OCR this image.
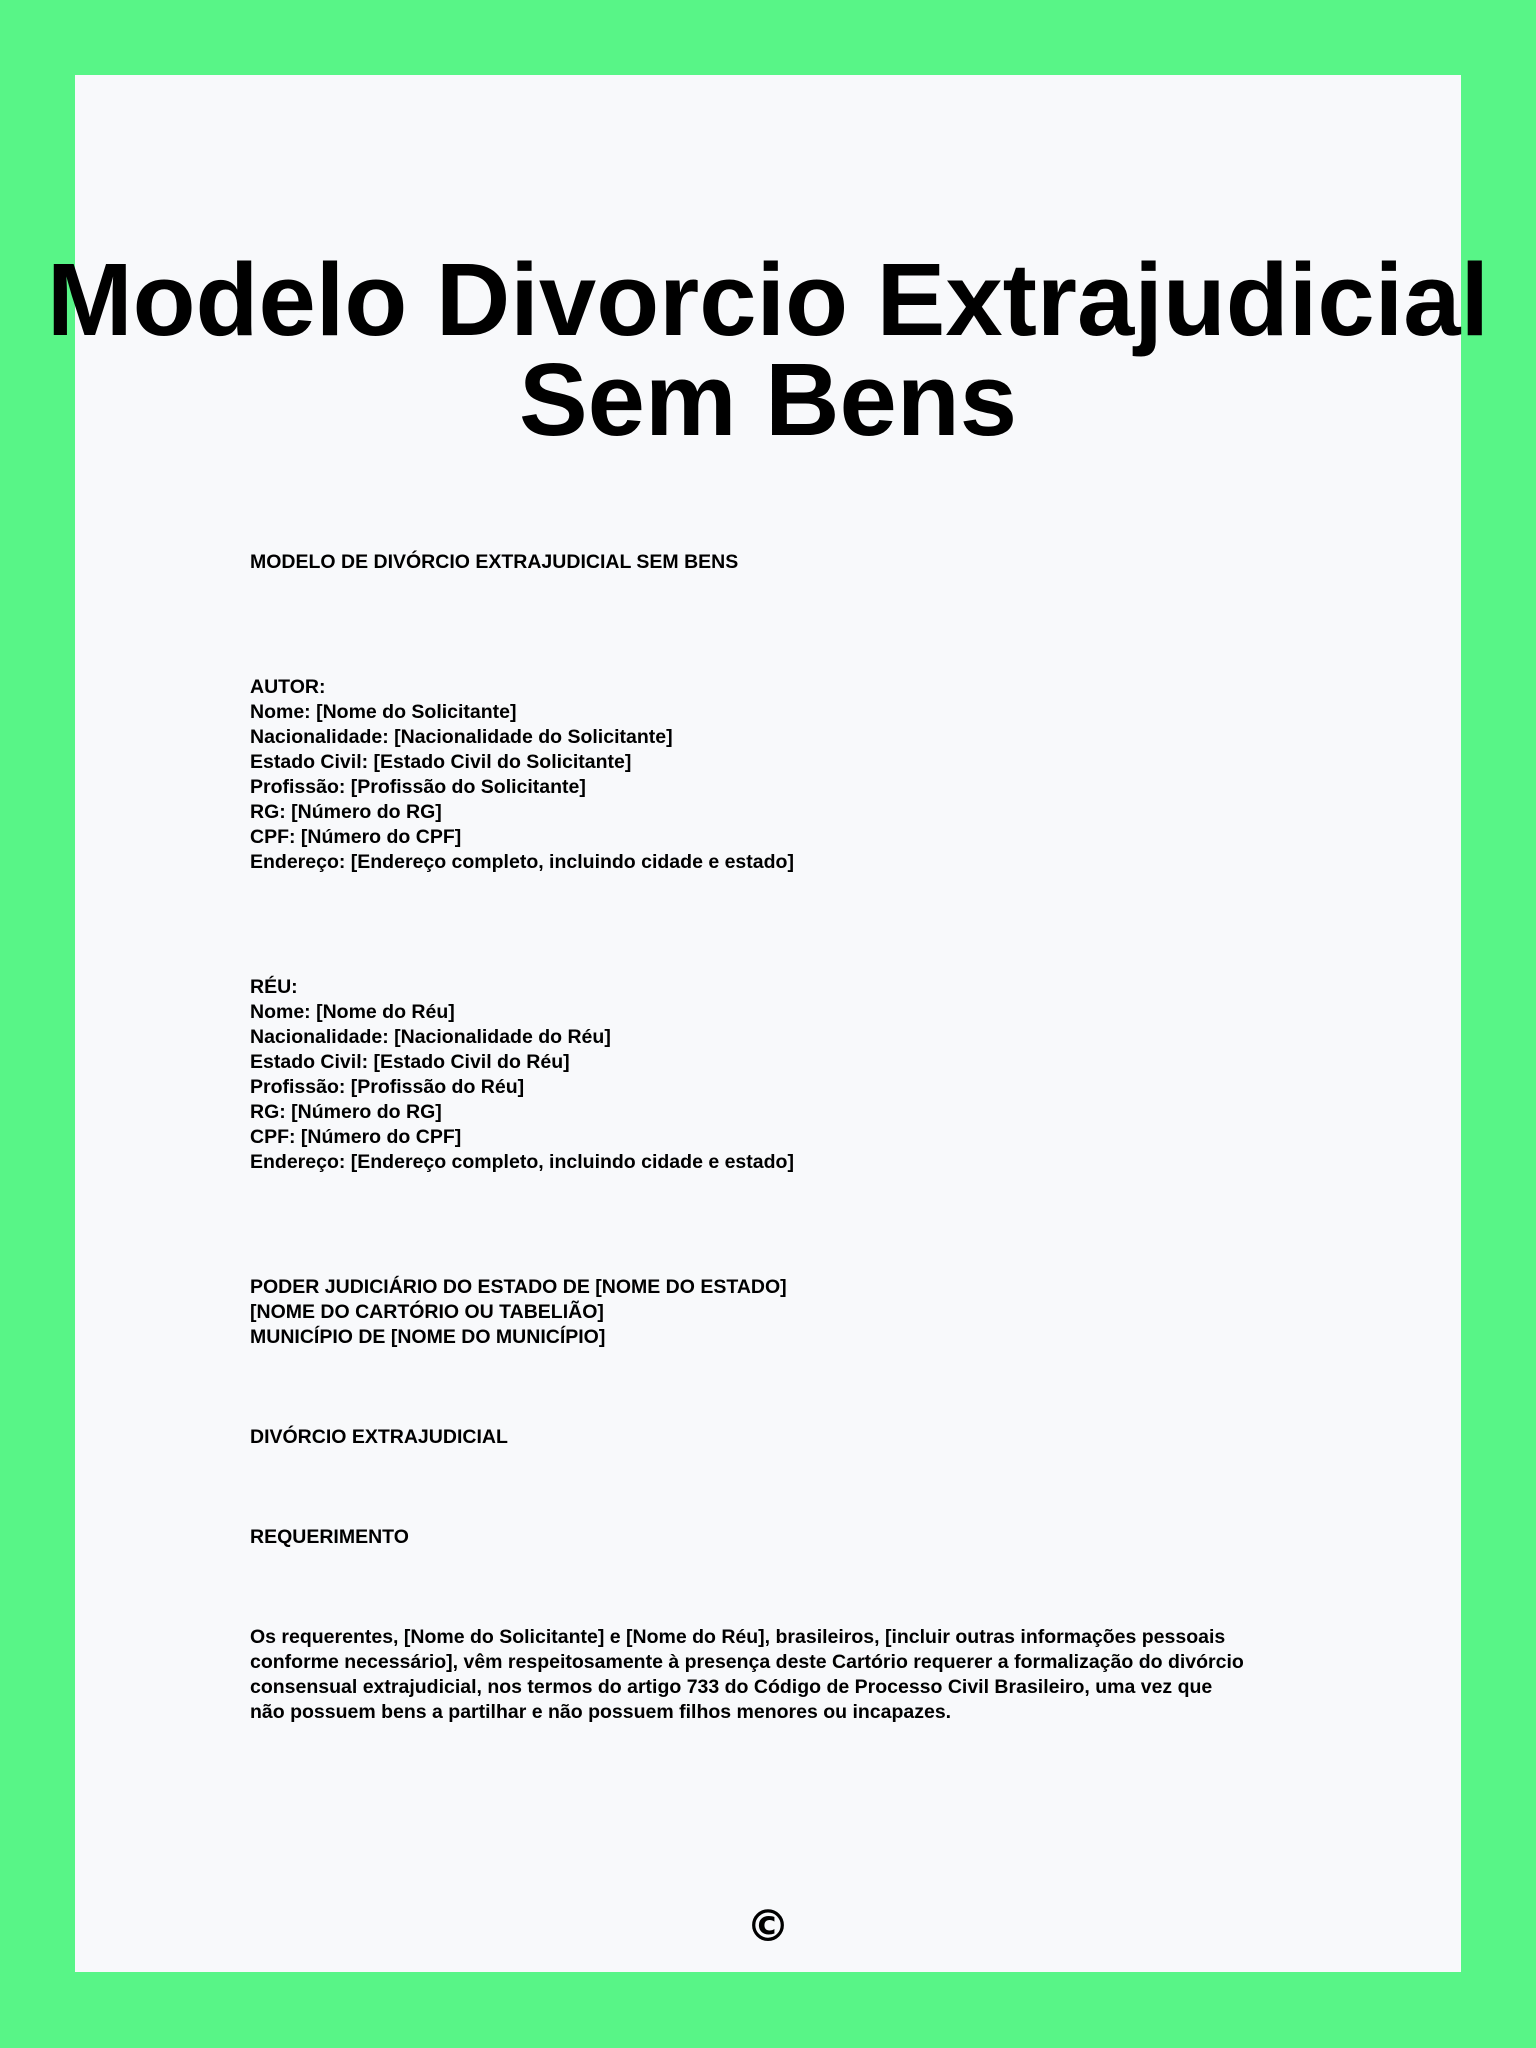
Modelo Divorcio Extrajudicial
Sem Bens
MODELO DE DIVÓRCIO EXTRAJUDICIAL SEM BENS
AUTOR:
Nome: [Nome do Solicitante]
Nacionalidade: [Nacionalidade do Solicitante]
Estado Civil: [Estado Civil do Solicitante]
Profissão: [Profissão do Solicitante]
RG: [Número do RG]
CPF: [Número do CPF]
Endereço: [Endereço completo, incluindo cidade e estado]
RÉU:
Nome: [Nome do Réu]
Nacionalidade: [Nacionalidade do Réu]
Estado Civil: [Estado Civil do Réu]
Profissão: [Profissão do Réu]
RG: [Número do RG]
CPF: [Número do CPF]
Endereço: [Endereço completo, incluindo cidade e estado]
PODER JUDICIÁRIO DO ESTADO DE [NOME DO ESTADO]
[NOME DO CARTÓRIO OU TABELIÃO]
MUNICÍPIO DE [NOME DO MUNICÍPIO]
DIVÓRCIO EXTRAJUDICIAL
REQUERIMENTO
Os requerentes, [Nome do Solicitante] e [Nome do Réu], brasileiros, [incluir outras informações pessoais
conforme necessário], vêm respeitosamente à presença deste Cartório requerer a formalização do divórcio
consensual extrajudicial, nos termos do artigo 733 do Código de Processo Civil Brasileiro, uma vez que
não possuem bens a partilhar e não possuem filhos menores ou incapazes.
©
